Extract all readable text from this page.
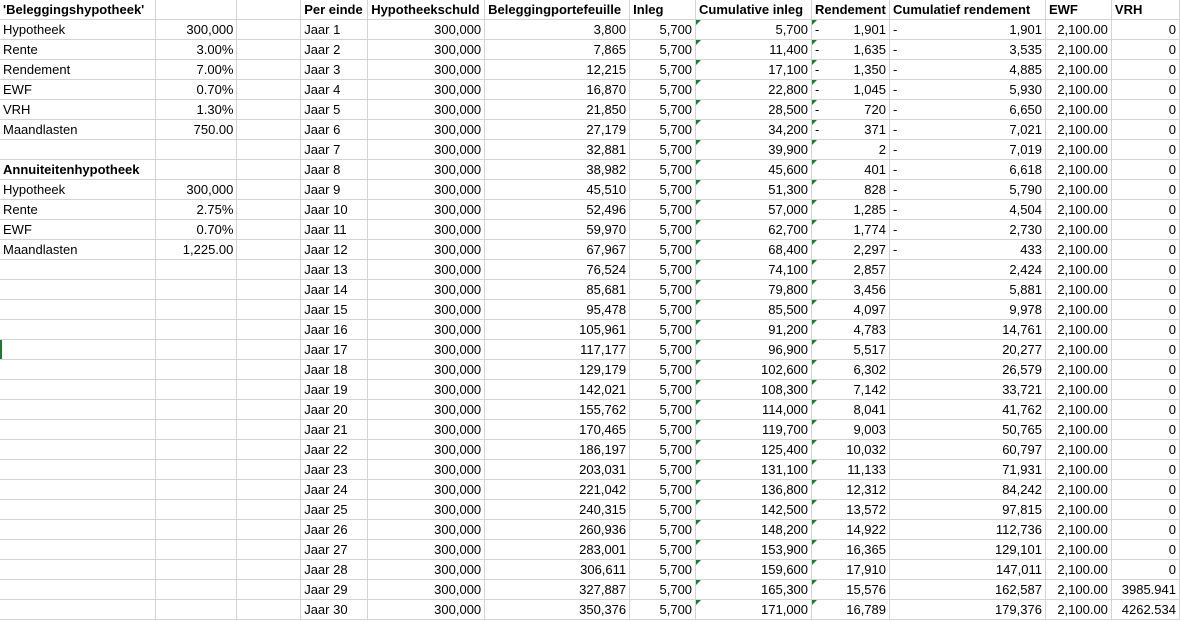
'Beleggingshypotheek'			Per einde	Hypotheekschuld	Beleggingportefeuille	Inleg	Cumulative inleg	Rendement	Cumulatief rendement	EWF	VRH
Hypotheek	300,000		Jaar 1	300,000	3,800	5,700	5,700	- 1,901	- 1,901	2,100.00	0
Rente	3.00%		Jaar 2	300,000	7,865	5,700	11,400	- 1,635	- 3,535	2,100.00	0
Rendement	7.00%		Jaar 3	300,000	12,215	5,700	17,100	- 1,350	- 4,885	2,100.00	0
EWF	0.70%		Jaar 4	300,000	16,870	5,700	22,800	- 1,045	- 5,930	2,100.00	0
VRH	1.30%		Jaar 5	300,000	21,850	5,700	28,500	- 720	- 6,650	2,100.00	0
Maandlasten	750.00		Jaar 6	300,000	27,179	5,700	34,200	- 371	- 7,021	2,100.00	0
			Jaar 7	300,000	32,881	5,700	39,900	2	- 7,019	2,100.00	0
Annuiteitenhypotheek			Jaar 8	300,000	38,982	5,700	45,600	401	- 6,618	2,100.00	0
Hypotheek	300,000		Jaar 9	300,000	45,510	5,700	51,300	828	- 5,790	2,100.00	0
Rente	2.75%		Jaar 10	300,000	52,496	5,700	57,000	1,285	- 4,504	2,100.00	0
EWF	0.70%		Jaar 11	300,000	59,970	5,700	62,700	1,774	- 2,730	2,100.00	0
Maandlasten	1,225.00		Jaar 12	300,000	67,967	5,700	68,400	2,297	- 433	2,100.00	0
			Jaar 13	300,000	76,524	5,700	74,100	2,857	2,424	2,100.00	0
			Jaar 14	300,000	85,681	5,700	79,800	3,456	5,881	2,100.00	0
			Jaar 15	300,000	95,478	5,700	85,500	4,097	9,978	2,100.00	0
			Jaar 16	300,000	105,961	5,700	91,200	4,783	14,761	2,100.00	0
			Jaar 17	300,000	117,177	5,700	96,900	5,517	20,277	2,100.00	0
			Jaar 18	300,000	129,179	5,700	102,600	6,302	26,579	2,100.00	0
			Jaar 19	300,000	142,021	5,700	108,300	7,142	33,721	2,100.00	0
			Jaar 20	300,000	155,762	5,700	114,000	8,041	41,762	2,100.00	0
			Jaar 21	300,000	170,465	5,700	119,700	9,003	50,765	2,100.00	0
			Jaar 22	300,000	186,197	5,700	125,400	10,032	60,797	2,100.00	0
			Jaar 23	300,000	203,031	5,700	131,100	11,133	71,931	2,100.00	0
			Jaar 24	300,000	221,042	5,700	136,800	12,312	84,242	2,100.00	0
			Jaar 25	300,000	240,315	5,700	142,500	13,572	97,815	2,100.00	0
			Jaar 26	300,000	260,936	5,700	148,200	14,922	112,736	2,100.00	0
			Jaar 27	300,000	283,001	5,700	153,900	16,365	129,101	2,100.00	0
			Jaar 28	300,000	306,611	5,700	159,600	17,910	147,011	2,100.00	0
			Jaar 29	300,000	327,887	5,700	165,300	15,576	162,587	2,100.00	3985.941
			Jaar 30	300,000	350,376	5,700	171,000	16,789	179,376	2,100.00	4262.534
